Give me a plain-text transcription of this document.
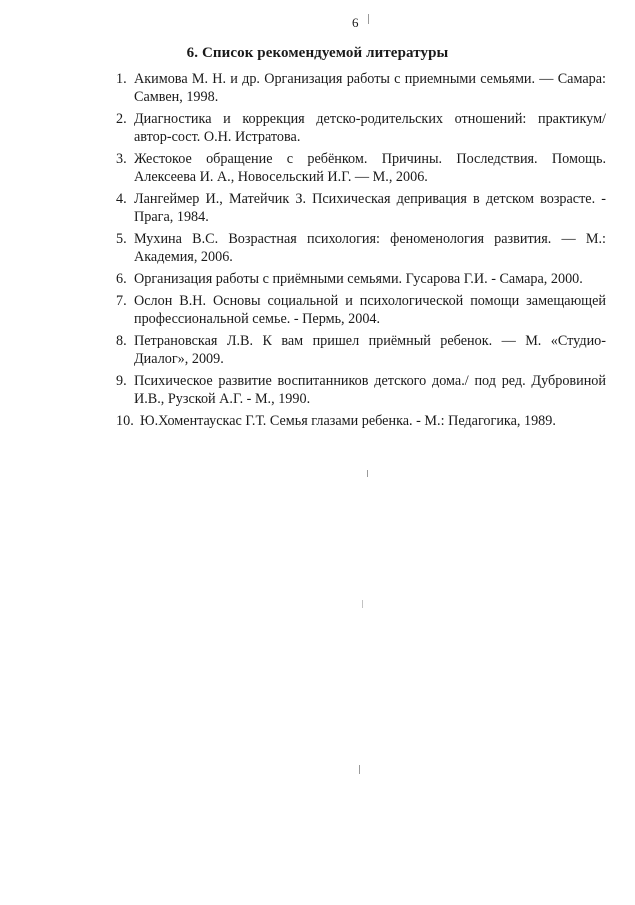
6
6. Список рекомендуемой литературы
1. Акимова М. Н. и др. Организация работы с приемными семьями. — Самара: Самвен, 1998.
2. Диагностика и коррекция детско-родительских отношений: практикум/ автор-сост. О.Н. Истратова.
3. Жестокое обращение с ребёнком. Причины. Последствия. Помощь. Алексеева И. А., Новосельский И.Г. — М., 2006.
4. Лангеймер И., Матейчик З. Психическая депривация в детском возрасте. - Прага, 1984.
5. Мухина В.С. Возрастная психология: феноменология развития. — М.: Академия, 2006.
6. Организация работы с приёмными семьями. Гусарова Г.И. - Самара, 2000.
7. Ослон В.Н. Основы социальной и психологической помощи замещающей профессиональной семье. - Пермь, 2004.
8. Петрановская Л.В. К вам пришел приёмный ребенок. — М. «Студио-Диалог», 2009.
9. Психическое развитие воспитанников детского дома./ под ред. Дубровиной И.В., Рузской А.Г. - М., 1990.
10. Ю.Хоментаускас Г.Т. Семья глазами ребенка. - М.: Педагогика, 1989.
